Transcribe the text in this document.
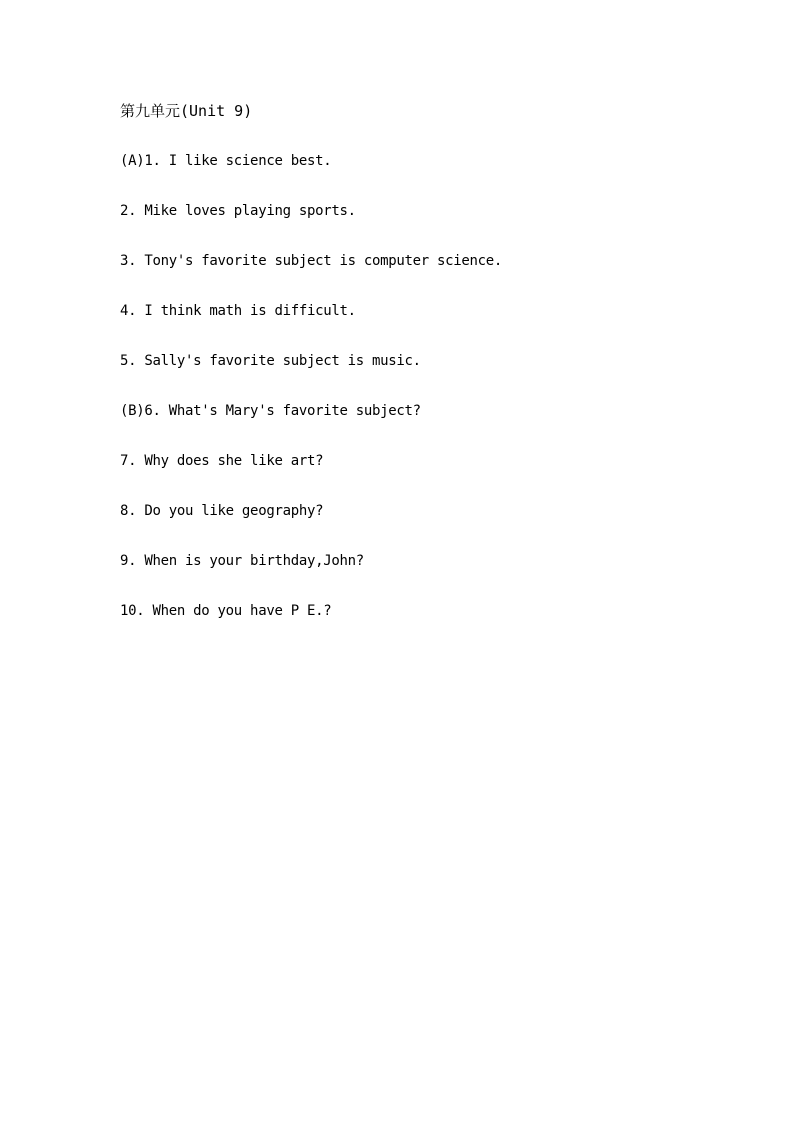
第九单元(Unit 9)
(A)1. I like science best.
2. Mike loves playing sports.
3. Tony's favorite subject is computer science.
4. I think math is difficult.
5. Sally's favorite subject is music.
(B)6. What's Mary's favorite subject?
7. Why does she like art?
8. Do you like geography?
9. When is your birthday,John?
10. When do you have P E.?
